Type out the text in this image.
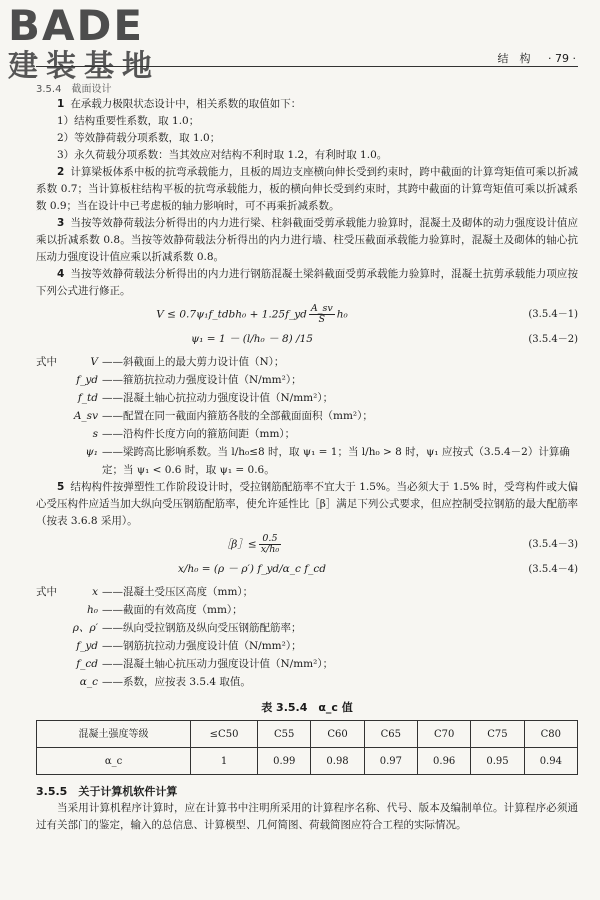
BADE
建装基地	结　构 · 79 ·
3.5.4　截面设计

1 在承载力极限状态设计中，相关系数的取值如下：

1）结构重要性系数，取 1.0；

2）等效静荷载分项系数，取 1.0；

3）永久荷载分项系数：当其效应对结构不利时取 1.2，有利时取 1.0。

2 计算梁板体系中板的抗弯承载能力，且板的周边支座横向伸长受到约束时，跨中截面的计算弯矩值可乘以折减系数 0.7；当计算板柱结构平板的抗弯承载能力，板的横向伸长受到约束时，其跨中截面的计算弯矩值可乘以折减系数 0.9；当在设计中已考虑板的轴力影响时，可不再乘折减系数。

3 当按等效静荷载法分析得出的内力进行梁、柱斜截面受剪承载能力验算时，混凝土及砌体的动力强度设计值应乘以折减系数 0.8。当按等效静荷载法分析得出的内力进行墙、柱受压截面承载能力验算时，混凝土及砌体的轴心抗压动力强度设计值应乘以折减系数 0.8。

4 当按等效静荷载法分析得出的内力进行钢筋混凝土梁斜截面受剪承载能力验算时，混凝土抗剪承载能力项应按下列公式进行修正。

V ≤ 0.7ψ₁f_tdbh₀ + 1.25f_yd $\frac{A\_sv}{S} h_0$	(3.5.4－1)
ψ₁ = 1 － (l/h₀ － 8) /15	(3.5.4－2)
式中	V ——斜截面上的最大剪力设计值（N）；
f_yd ——箍筋抗拉动力强度设计值（N/mm²）；
f_td ——混凝土轴心抗拉动力强度设计值（N/mm²）；
A_sv ——配置在同一截面内箍筋各肢的全部截面面积（mm²）；
s ——沿构件长度方向的箍筋间距（mm）；
ψ₁ ——梁跨高比影响系数。当 l/h₀≤8 时，取 ψ₁ = 1；当 l/h₀ > 8 时，ψ₁ 应按式（3.5.4－2）计算确定；当 ψ₁ < 0.6 时，取 ψ₁ = 0.6。

5 结构构件按弹塑性工作阶段设计时，受拉钢筋配筋率不宜大于 1.5%。当必须大于 1.5% 时，受弯构件或大偏心受压构件应适当加大纵向受压钢筋配筋率，使允许延性比［β］满足下列公式要求，但应控制受拉钢筋的最大配筋率（按表 3.6.8 采用）。

［β］≤ $\frac{0.5}{\text{x/h₀}}$	(3.5.4－3)
x/h₀ = (ρ － ρ′) f_yd/α_c f_cd	(3.5.4－4)
式中	x ——混凝土受压区高度（mm）；
h₀ ——截面的有效高度（mm）；
ρ、ρ′ ——纵向受拉钢筋及纵向受压钢筋配筋率；
f_yd ——钢筋抗拉动力强度设计值（N/mm²）；
f_cd ——混凝土轴心抗压动力强度设计值（N/mm²）；
α_c ——系数，应按表 3.5.4 取值。
表 3.5.4　α_c 值
混凝土强度等级	≤C50	C55	C60	C65	C70	C75	C80
α_c	1	0.99	0.98	0.97	0.96	0.95	0.94
3.5.5　关于计算机软件计算

当采用计算机程序计算时，应在计算书中注明所采用的计算程序名称、代号、版本及编制单位。计算程序必须通过有关部门的鉴定，输入的总信息、计算模型、几何简图、荷载简图应符合工程的实际情况。
